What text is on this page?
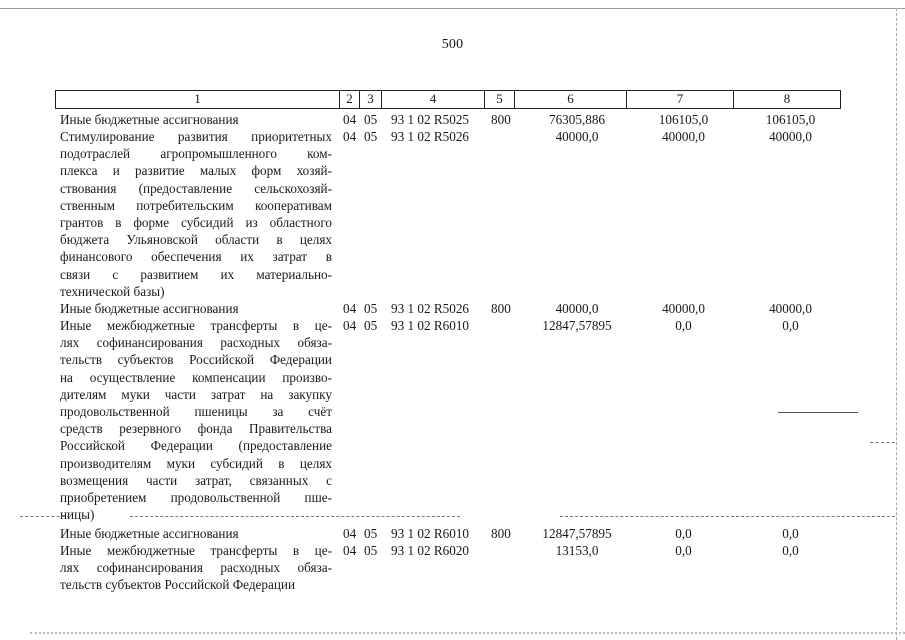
500
1	2	3	4	5	6	7	8
Иные бюджетные ассигнования	04 05 93 1 02 R5025 800	76305,886	106105,0	106105,0
Стимулирование развития приоритетных
подотраслей агропромышленного ком-
плекса и развитие малых форм хозяй-
ствования (предоставление сельскохозяй-
ственным потребительским кооперативам
грантов в форме субсидий из областного
бюджета Ульяновской области в целях
финансового обеспечения их затрат в
связи с развитием их материально-
технической базы)
04 05 93 1 02 R5026	40000,0	40000,0	40000,0
Иные бюджетные ассигнования	04 05 93 1 02 R5026 800	40000,0	40000,0	40000,0
Иные межбюджетные трансферты в це-
лях софинансирования расходных обяза-
тельств субъектов Российской Федерации
на осуществление компенсации произво-
дителям муки части затрат на закупку
продовольственной пшеницы за счёт
средств резервного фонда Правительства
Российской Федерации (предоставление
производителям муки субсидий в целях
возмещения части затрат, связанных с
приобретением продовольственной пше-
ницы)
04 05 93 1 02 R6010	12847,57895	0,0	0,0
Иные бюджетные ассигнования	04 05 93 1 02 R6010 800	12847,57895	0,0	0,0
Иные межбюджетные трансферты в це-
лях софинансирования расходных обяза-
тельств субъектов Российской Федерации
04 05 93 1 02 R6020	13153,0	0,0	0,0
